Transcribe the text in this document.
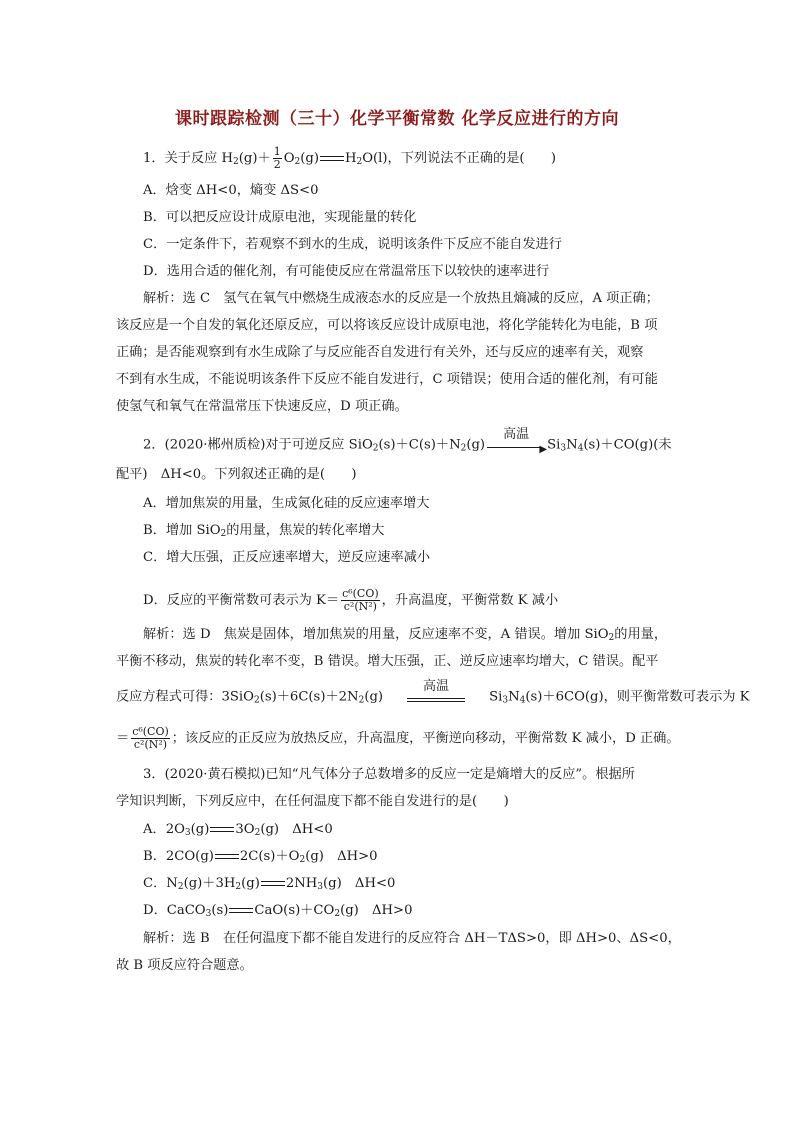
课时跟踪检测（三十）化学平衡常数 化学反应进行的方向
1．关于反应 $H_2(g)+ \frac{1}{2} O_2(g)$ $H_2O(l)$，下列说法不正确的是(　　)
A．焓变 ΔH<0，熵变 ΔS<0
B．可以把反应设计成原电池，实现能量的转化
C．一定条件下，若观察不到水的生成，说明该条件下反应不能自发进行
D．选用合适的催化剂，有可能使反应在常温常压下以较快的速率进行
解析：选 C　氢气在氧气中燃烧生成液态水的反应是一个放热且熵减的反应，A 项正确；
该反应是一个自发的氧化还原反应，可以将该反应设计成原电池，将化学能转化为电能，B 项
正确；是否能观察到有水生成除了与反应能否自发进行有关外，还与反应的速率有关，观察
不到有水生成，不能说明该条件下反应不能自发进行，C 项错误；使用合适的催化剂，有可能
使氢气和氧气在常温常压下快速反应，D 项正确。
2．(2020·郴州质检)对于可逆反应 $SiO_2(s)+C(s)+N_2(g)$
高温
▶ $Si_3N_4(s)+CO(g)$(未
配平)　ΔH<0。下列叙述正确的是(　　)
A．增加焦炭的用量，生成氮化硅的反应速率增大
B．增加 SiO$_2$的用量，焦炭的转化率增大
C．增大压强，正反应速率增大，逆反应速率减小
D．反应的平衡常数可表示为 $K= \frac{\text{c⁶(CO)}}{\text{c²(N²)}}$ ，升高温度，平衡常数 K 减小
解析：选 D　焦炭是固体，增加焦炭的用量，反应速率不变，A 错误。增加 SiO$_2$的用量，
平衡不移动，焦炭的转化率不变，B 错误。增大压强，正、逆反应速率均增大，C 错误。配平
反应方程式可得：$3SiO_2(s)+6C(s)+2N_2(g)$
高温
$Si_3N_4(s)+6CO(g)$，则平衡常数可表示为 K
＝ $\frac{\text{c⁶(CO)}}{\text{c²(N²)}}$ ；该反应的正反应为放热反应，升高温度，平衡逆向移动，平衡常数 K 减小，D 正确。
3．(2020·黄石模拟)已知“凡气体分子总数增多的反应一定是熵增大的反应”。根据所
学知识判断，下列反应中，在任何温度下都不能自发进行的是(　　)
A．$2O_3(g)$ $3O_2(g)$　ΔH<0
B．2CO(g) $2C(s)+O_2(g)$　ΔH>0
C．$N_2(g)+3H_2(g)$ $2NH_3(g)$　ΔH<0
D．CaCO$_3$(s) $CaO(s)+CO_2(g)$　ΔH>0
解析：选 B　在任何温度下都不能自发进行的反应符合 ΔH－TΔS>0，即 ΔH>0、ΔS<0，
故 B 项反应符合题意。
